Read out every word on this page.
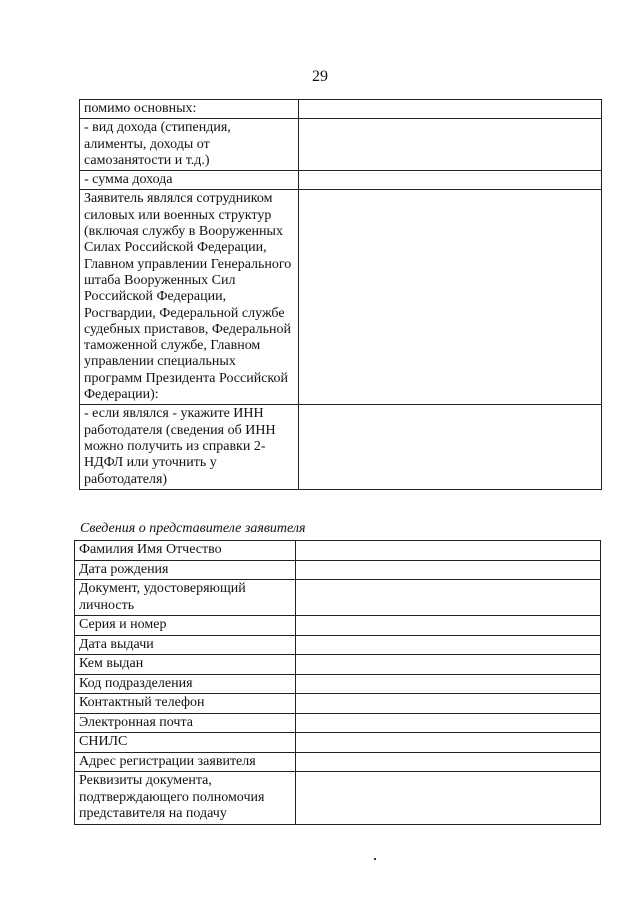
29
помимо основных:	
- вид дохода (стипендия, алименты, доходы от самозанятости и т.д.)	
- сумма дохода	
Заявитель являлся сотрудником силовых или военных структур (включая службу в Вооруженных Силах Российской Федерации, Главном управлении Генерального штаба Вооруженных Сил Российской Федерации, Росгвардии, Федеральной службе судебных приставов, Федеральной таможенной службе, Главном управлении специальных программ Президента Российской Федерации):	
- если являлся - укажите ИНН работодателя (сведения об ИНН можно получить из справки 2-НДФЛ или уточнить у работодателя)	
Сведения о представителе заявителя
Фамилия Имя Отчество	
Дата рождения	
Документ, удостоверяющий личность	
Серия и номер	
Дата выдачи	
Кем выдан	
Код подразделения	
Контактный телефон	
Электронная почта	
СНИЛС	
Адрес регистрации заявителя	
Реквизиты документа, подтверждающего полномочия представителя на подачу	
